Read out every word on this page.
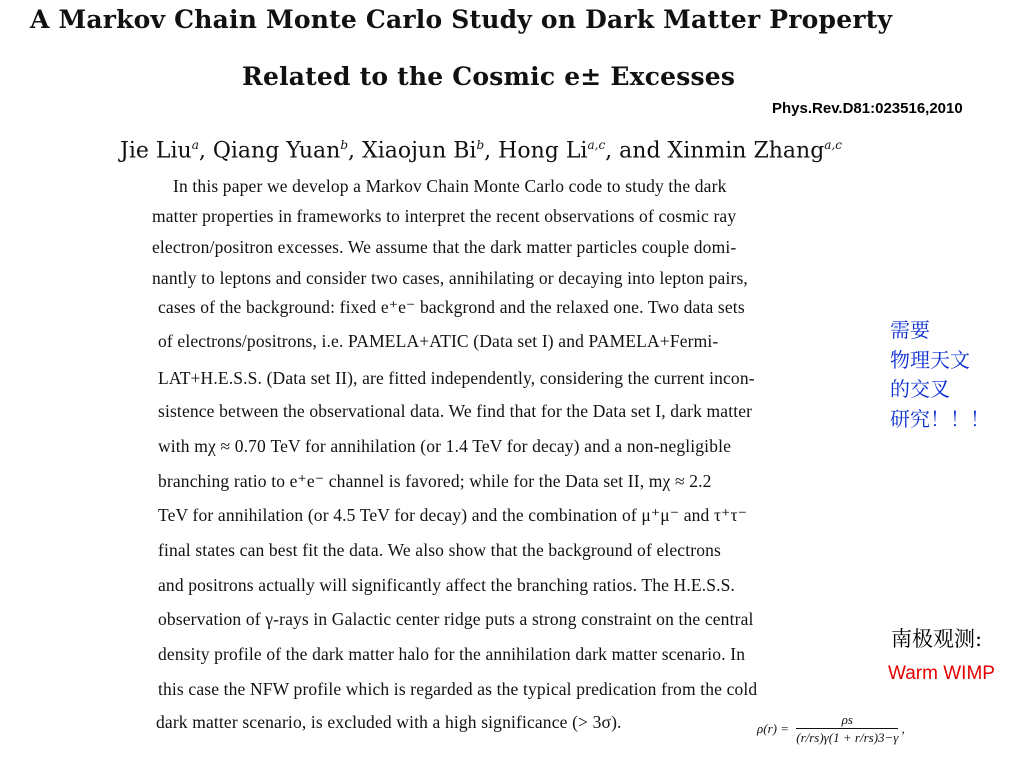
A Markov Chain Monte Carlo Study on Dark Matter Property
Related to the Cosmic e± Excesses
Phys.Rev.D81:023516,2010
Jie Liu$^a$, Qiang Yuan$^b$, Xiaojun Bi$^b$, Hong Li$^{a,c}$, and Xinmin Zhang$^{a,c}$
In this paper we develop a Markov Chain Monte Carlo code to study the dark
matter properties in frameworks to interpret the recent observations of cosmic ray
electron/positron excesses. We assume that the dark matter particles couple domi-
nantly to leptons and consider two cases, annihilating or decaying into lepton pairs,
cases of the background: fixed e⁺e⁻ backgrond and the relaxed one. Two data sets
of electrons/positrons, i.e. PAMELA+ATIC (Data set I) and PAMELA+Fermi-
LAT+H.E.S.S. (Data set II), are fitted independently, considering the current incon-
sistence between the observational data. We find that for the Data set I, dark matter
with mχ ≈ 0.70 TeV for annihilation (or 1.4 TeV for decay) and a non-negligible
branching ratio to e⁺e⁻ channel is favored; while for the Data set II, mχ ≈ 2.2
TeV for annihilation (or 4.5 TeV for decay) and the combination of μ⁺μ⁻ and τ⁺τ⁻
final states can best fit the data. We also show that the background of electrons
and positrons actually will significantly affect the branching ratios. The H.E.S.S.
observation of γ-rays in Galactic center ridge puts a strong constraint on the central
density profile of the dark matter halo for the annihilation dark matter scenario. In
this case the NFW profile which is regarded as the typical predication from the cold
dark matter scenario, is excluded with a high significance (> 3σ).
需要
物理天文
的交叉
研究！！！
南极观测:
Warm WIMP
$\rho(r) = \frac{\rho s}{(r/rs)\gamma(1 + r/rs)3-\gamma}$ ,
